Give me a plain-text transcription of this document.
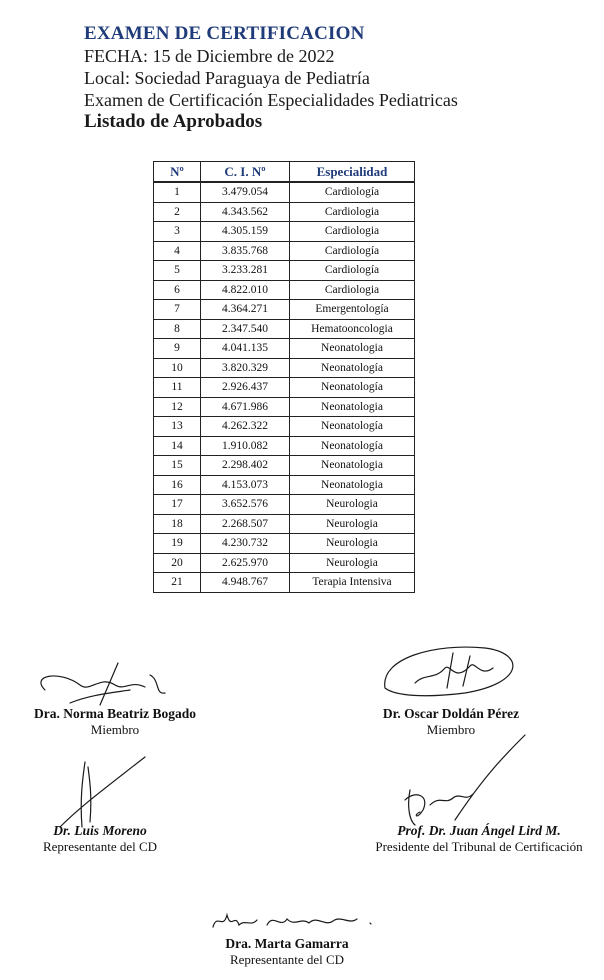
EXAMEN DE CERTIFICACION
FECHA: 15 de Diciembre de 2022
Local: Sociedad Paraguaya de Pediatría
Examen de Certificación Especialidades Pediatricas
Listado de Aprobados
Nº	C. I. Nº	Especialidad
1	3.479.054	Cardiología
2	4.343.562	Cardiologia
3	4.305.159	Cardiologia
4	3.835.768	Cardiología
5	3.233.281	Cardiología
6	4.822.010	Cardiologia
7	4.364.271	Emergentología
8	2.347.540	Hematooncologia
9	4.041.135	Neonatologia
10	3.820.329	Neonatología
11	2.926.437	Neonatología
12	4.671.986	Neonatologia
13	4.262.322	Neonatología
14	1.910.082	Neonatología
15	2.298.402	Neonatologia
16	4.153.073	Neonatologia
17	3.652.576	Neurologia
18	2.268.507	Neurologia
19	4.230.732	Neurologia
20	2.625.970	Neurologia
21	4.948.767	Terapia Intensiva
Dra. Norma Beatriz Bogado
Miembro
Dr. Oscar Doldán Pérez
Miembro
Dr. Luis Moreno
Representante del CD
Prof. Dr. Juan Ángel Lird M.
Presidente del Tribunal de Certificación
Dra. Marta Gamarra
Representante del CD
